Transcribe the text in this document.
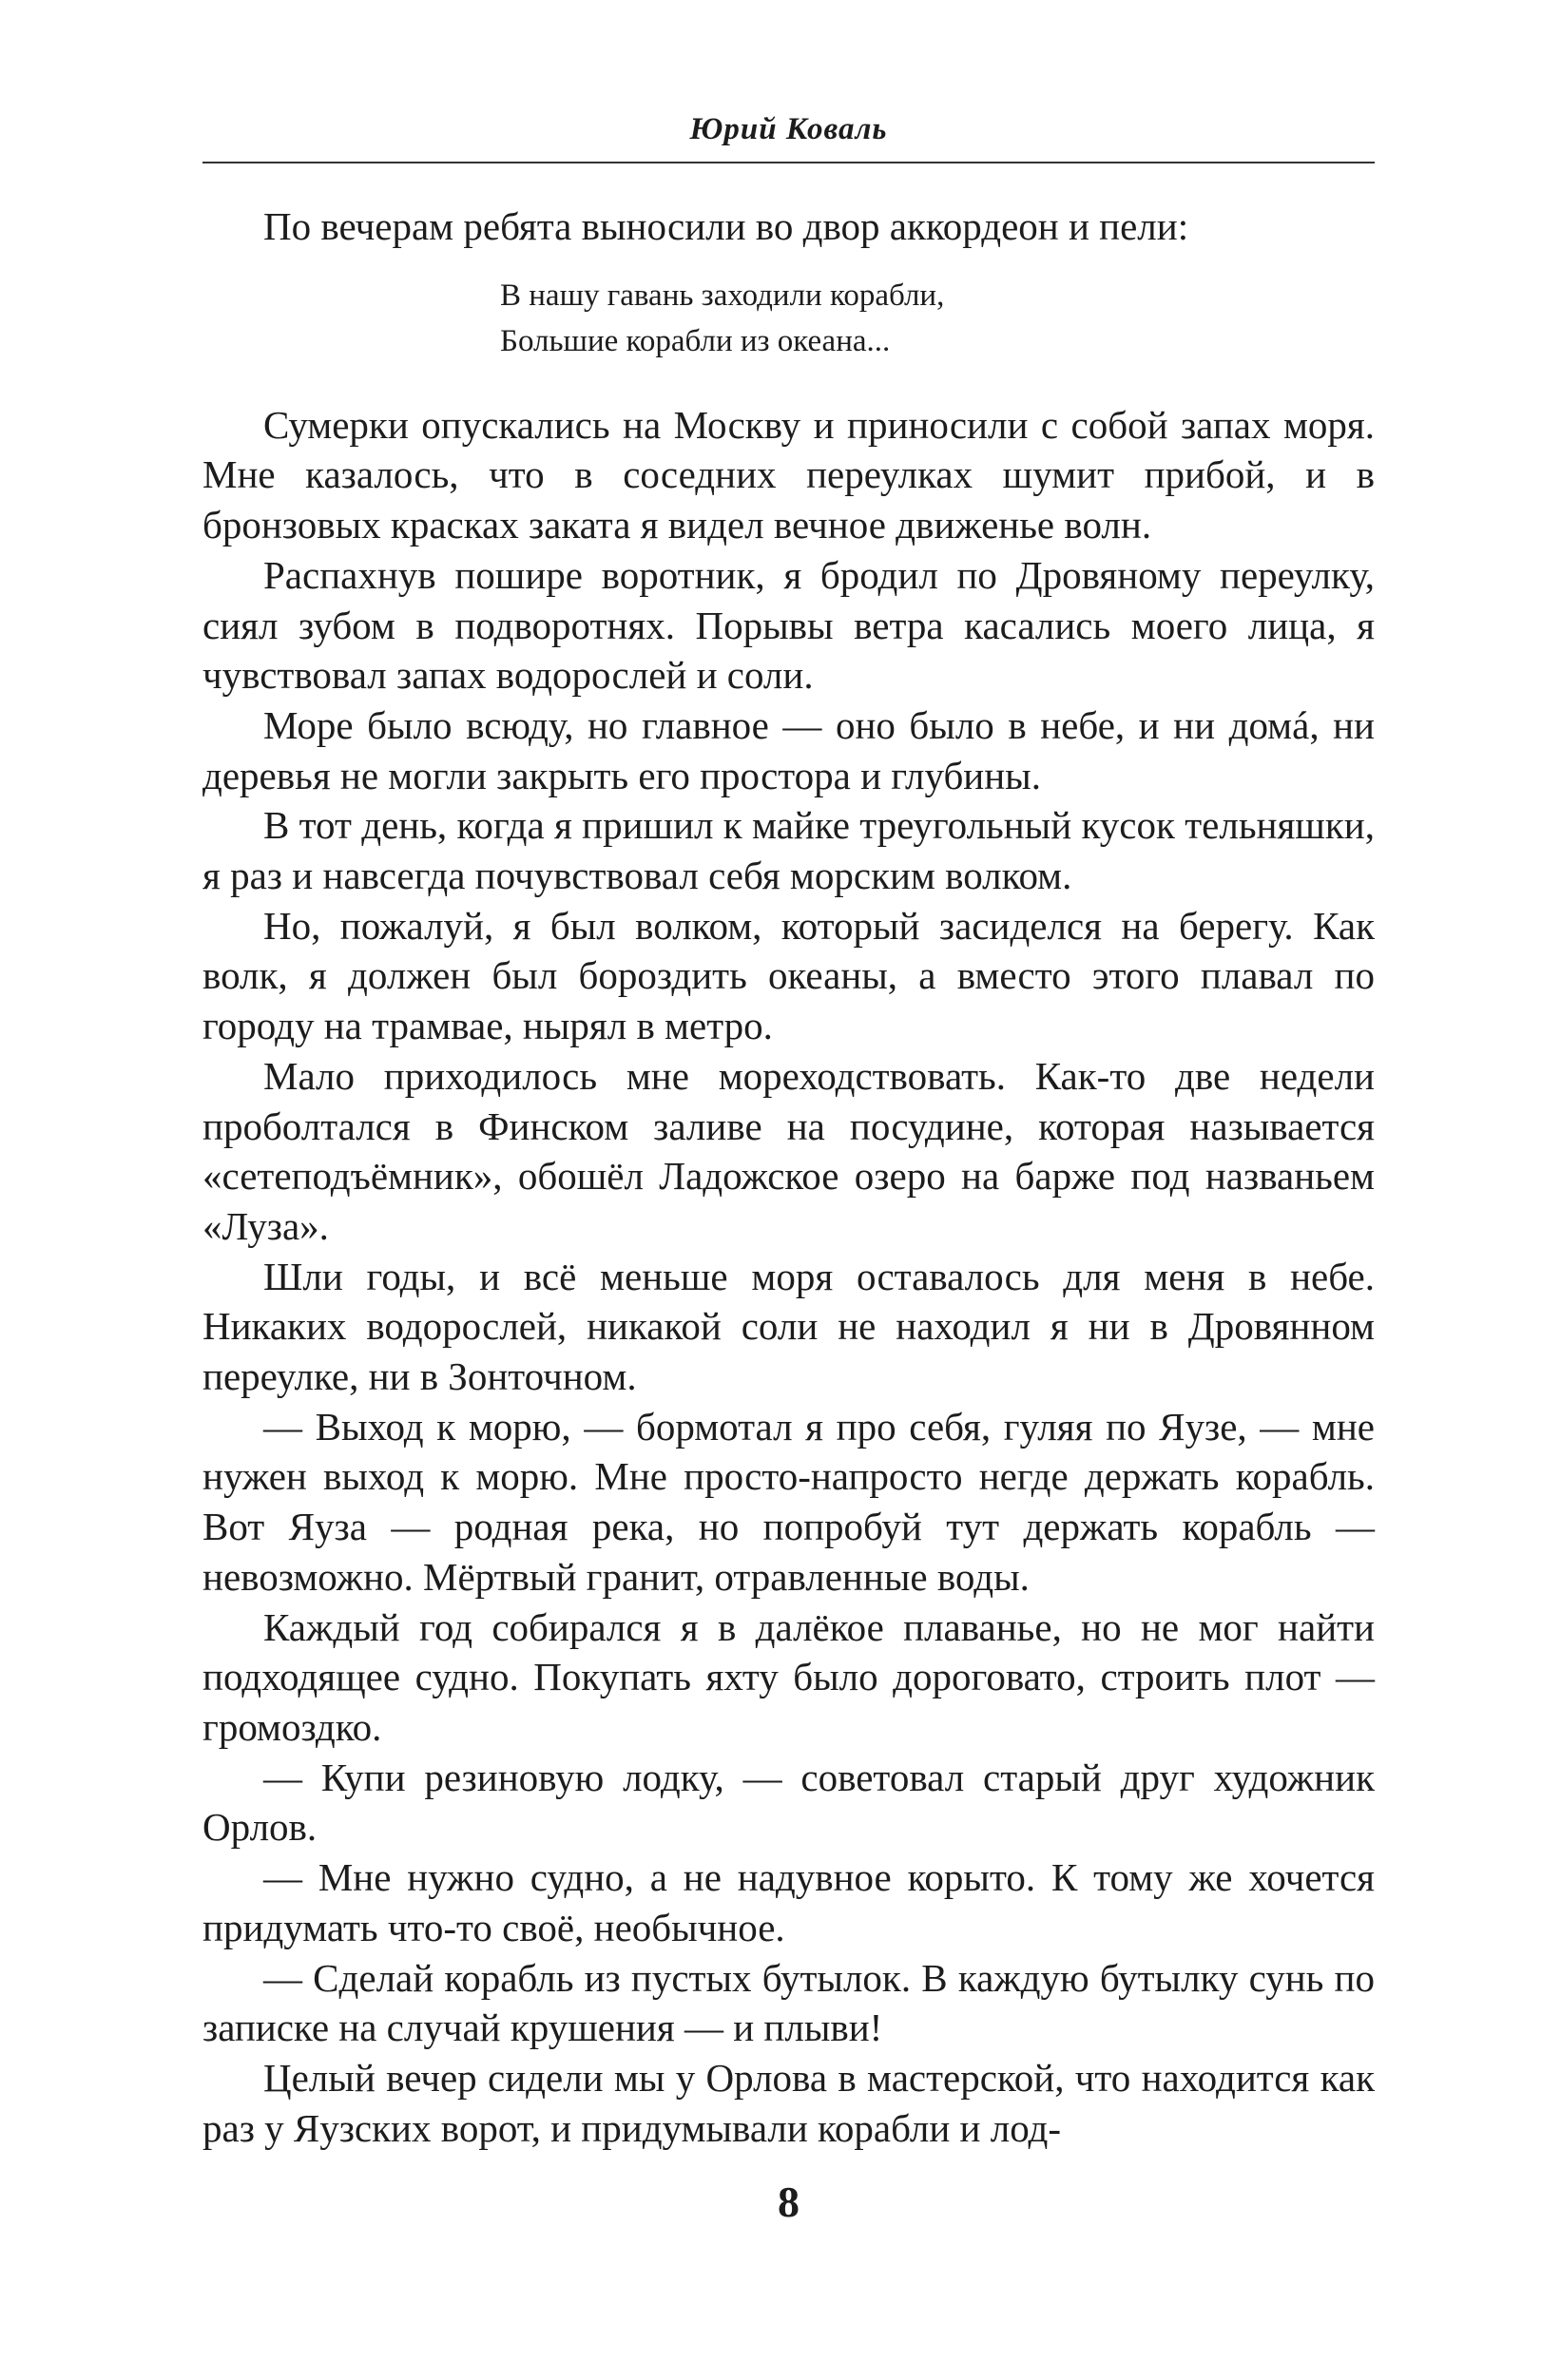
Юрий Коваль

По вечерам ребята выносили во двор аккордеон и пели:

В нашу гавань заходили корабли,
Большие корабли из океана...

Сумерки опускались на Москву и приносили с собой запах моря. Мне казалось, что в соседних переулках шумит прибой, и в бронзовых красках заката я видел вечное движенье волн.

Распахнув пошире воротник, я бродил по Дровяному переулку, сиял зубом в подворотнях. Порывы ветра касались моего лица, я чувствовал запах водорослей и соли.

Море было всюду, но главное — оно было в небе, и ни домá, ни деревья не могли закрыть его простора и глубины.

В тот день, когда я пришил к майке треугольный кусок тельняшки, я раз и навсегда почувствовал себя морским волком.

Но, пожалуй, я был волком, который засиделся на берегу. Как волк, я должен был бороздить океаны, а вместо этого плавал по городу на трамвае, нырял в метро.

Мало приходилось мне мореходствовать. Как-то две недели проболтался в Финском заливе на посудине, которая называется «сетеподъёмник», обошёл Ладожское озеро на барже под названьем «Луза».

Шли годы, и всё меньше моря оставалось для меня в небе. Никаких водорослей, никакой соли не находил я ни в Дровянном переулке, ни в Зонточном.

— Выход к морю, — бормотал я про себя, гуляя по Яузе, — мне нужен выход к морю. Мне просто-напросто негде держать корабль. Вот Яуза — родная река, но попробуй тут держать корабль — невозможно. Мёртвый гранит, отравленные воды.

Каждый год собирался я в далёкое плаванье, но не мог найти подходящее судно. Покупать яхту было дороговато, строить плот — громоздко.

— Купи резиновую лодку, — советовал старый друг художник Орлов.

— Мне нужно судно, а не надувное корыто. К тому же хочется придумать что-то своё, необычное.

— Сделай корабль из пустых бутылок. В каждую бутылку сунь по записке на случай крушения — и плыви!

Целый вечер сидели мы у Орлова в мастерской, что находится как раз у Яузских ворот, и придумывали корабли и лод-

8
